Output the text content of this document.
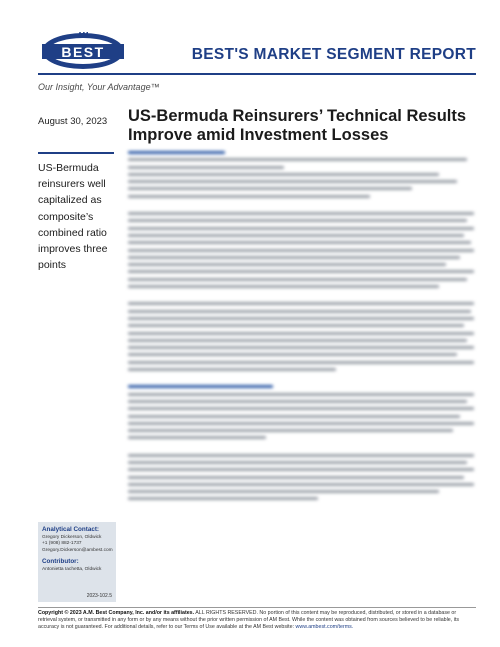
AM
BEST
SINCE 1899
BEST'S MARKET SEGMENT REPORT
Our Insight, Your Advantage™
August 30, 2023 US-Bermuda Reinsurers’ Technical Results Improve amid Investment Losses
US-Bermuda reinsurers well capitalized as composite’s combined ratio improves three points
Analytical Contact:
Gregory Dickerson, Oldwick
+1 (908) 882-1737
Gregory.Dickerson@ambest.com
Contributor:
Antonietta Iachetta, Oldwick
2023-102.5
Copyright © 2023 A.M. Best Company, Inc. and/or its affiliates. ALL RIGHTS RESERVED. No portion of this content may be reproduced, distributed, or stored in a database or retrieval system, or transmitted in any form or by any means without the prior written permission of AM Best. While the content was obtained from sources believed to be reliable, its accuracy is not guaranteed. For additional details, refer to our Terms of Use available at the AM Best website: www.ambest.com/terms.
